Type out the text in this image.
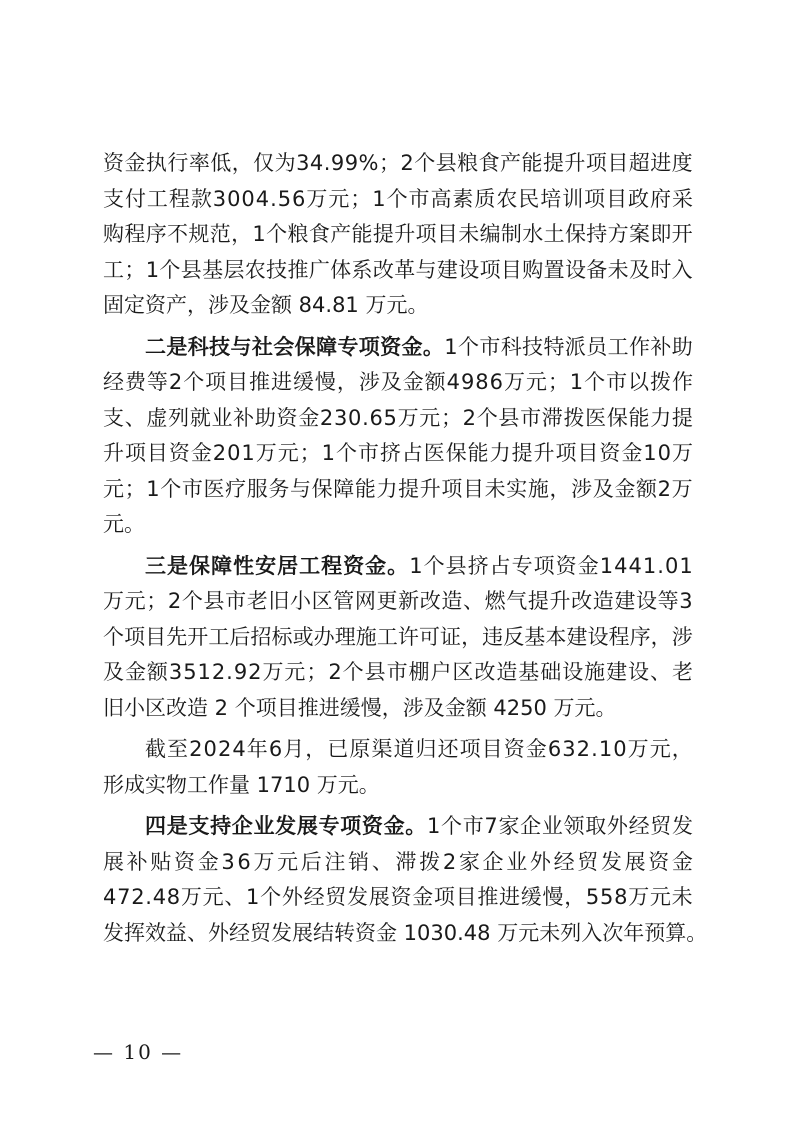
资 金 执 行 率 低 ， 仅 为 3 4 . 9 9 % ； 2 个 县 粮 食 产 能 提 升 项 目 超 进 度
支 付 工 程 款 3 0 0 4 . 5 6 万 元 ； 1 个 市 高 素 质 农 民 培 训 项 目 政 府 采
购 程 序 不 规 范 ， 1 个 粮 食 产 能 提 升 项 目 未 编 制 水 土 保 持 方 案 即 开
工 ； 1 个 县 基 层 农 技 推 广 体 系 改 革 与 建 设 项 目 购 置 设 备 未 及 时 入
固定资产，涉及金额 84.81 万元。
二 是 科 技 与 社 会 保 障 专 项 资 金 。 1 个 市 科 技 特 派 员 工 作 补 助
经 费 等 2 个 项 目 推 进 缓 慢 ， 涉 及 金 额 4 9 8 6 万 元 ； 1 个 市 以 拨 作
支 、 虚 列 就 业 补 助 资 金 2 3 0 . 6 5 万 元 ； 2 个 县 市 滞 拨 医 保 能 力 提
升 项 目 资 金 2 0 1 万 元 ； 1 个 市 挤 占 医 保 能 力 提 升 项 目 资 金 1 0 万
元 ； 1 个 市 医 疗 服 务 与 保 障 能 力 提 升 项 目 未 实 施 ， 涉 及 金 额 2 万
元。
三 是 保 障 性 安 居 工 程 资 金 。 1 个 县 挤 占 专 项 资 金 1 4 4 1 . 0 1
万 元 ； 2 个 县 市 老 旧 小 区 管 网 更 新 改 造 、 燃 气 提 升 改 造 建 设 等 3
个 项 目 先 开 工 后 招 标 或 办 理 施 工 许 可 证 ， 违 反 基 本 建 设 程 序 ， 涉
及 金 额 3 5 1 2 . 9 2 万 元 ； 2 个 县 市 棚 户 区 改 造 基 础 设 施 建 设 、 老
旧小区改造 2 个项目推进缓慢，涉及金额 4250 万元。
截 至 2 0 2 4 年 6 月 ， 已 原 渠 道 归 还 项 目 资 金 6 3 2 . 1 0 万 元 ，
形成实物工作量 1710 万元。
四 是 支 持 企 业 发 展 专 项 资 金 。 1 个 市 7 家 企 业 领 取 外 经 贸 发
展 补 贴 资 金 3 6 万 元 后 注 销 、 滞 拨 2 家 企 业 外 经 贸 发 展 资 金
4 7 2 . 4 8 万 元 、 1 个 外 经 贸 发 展 资 金 项 目 推 进 缓 慢 ， 5 5 8 万 元 未
发挥效益、外经贸发展结转资金 1030.48 万元未列入次年预算。
— 10 —
